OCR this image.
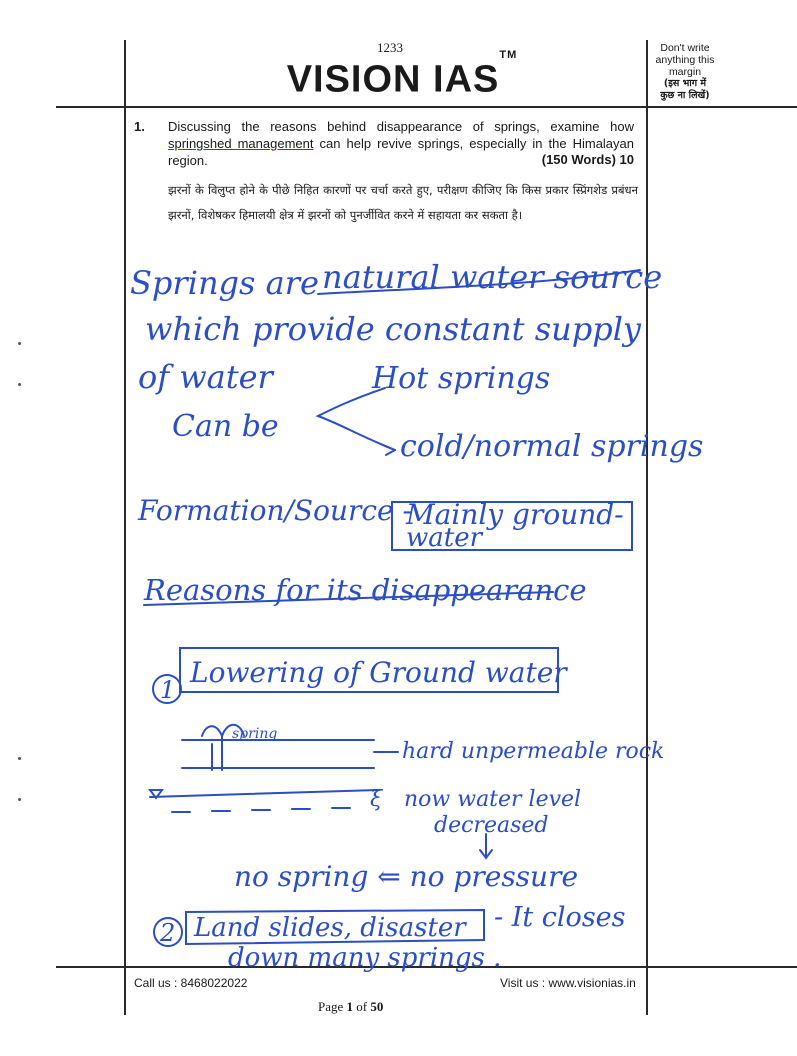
1233
VISION IAS™
Don't write
anything this
margin
(इस भाग में
कुछ ना लिखें)
1. Discussing the reasons behind disappearance of springs, examine how springshed management can help revive springs, especially in the Himalayan region.	(150 Words) 10
झरनों के विलुप्त होने के पीछे निहित कारणों पर चर्चा करते हुए, परीक्षण कीजिए कि किस प्रकार स्प्रिंगशेड प्रबंधन झरनों, विशेषकर हिमालयी क्षेत्र में झरनों को पुनर्जीवित करने में सहायता कर सकता है।
Springs are natural water source
which provide constant supply
of water
Can be
Hot springs
cold/normal springs
Formation/Source -
Mainly ground-
water
Reasons for its disappearance
1
Lowering of Ground water
spring
hard unpermeable rock
now water level
decreased
ξ
no spring ⇐ no pressure
2 Land slides, disaster - It closes
down many springs .
Call us : 8468022022	Visit us : www.visionias.in
Page 1 of 50
